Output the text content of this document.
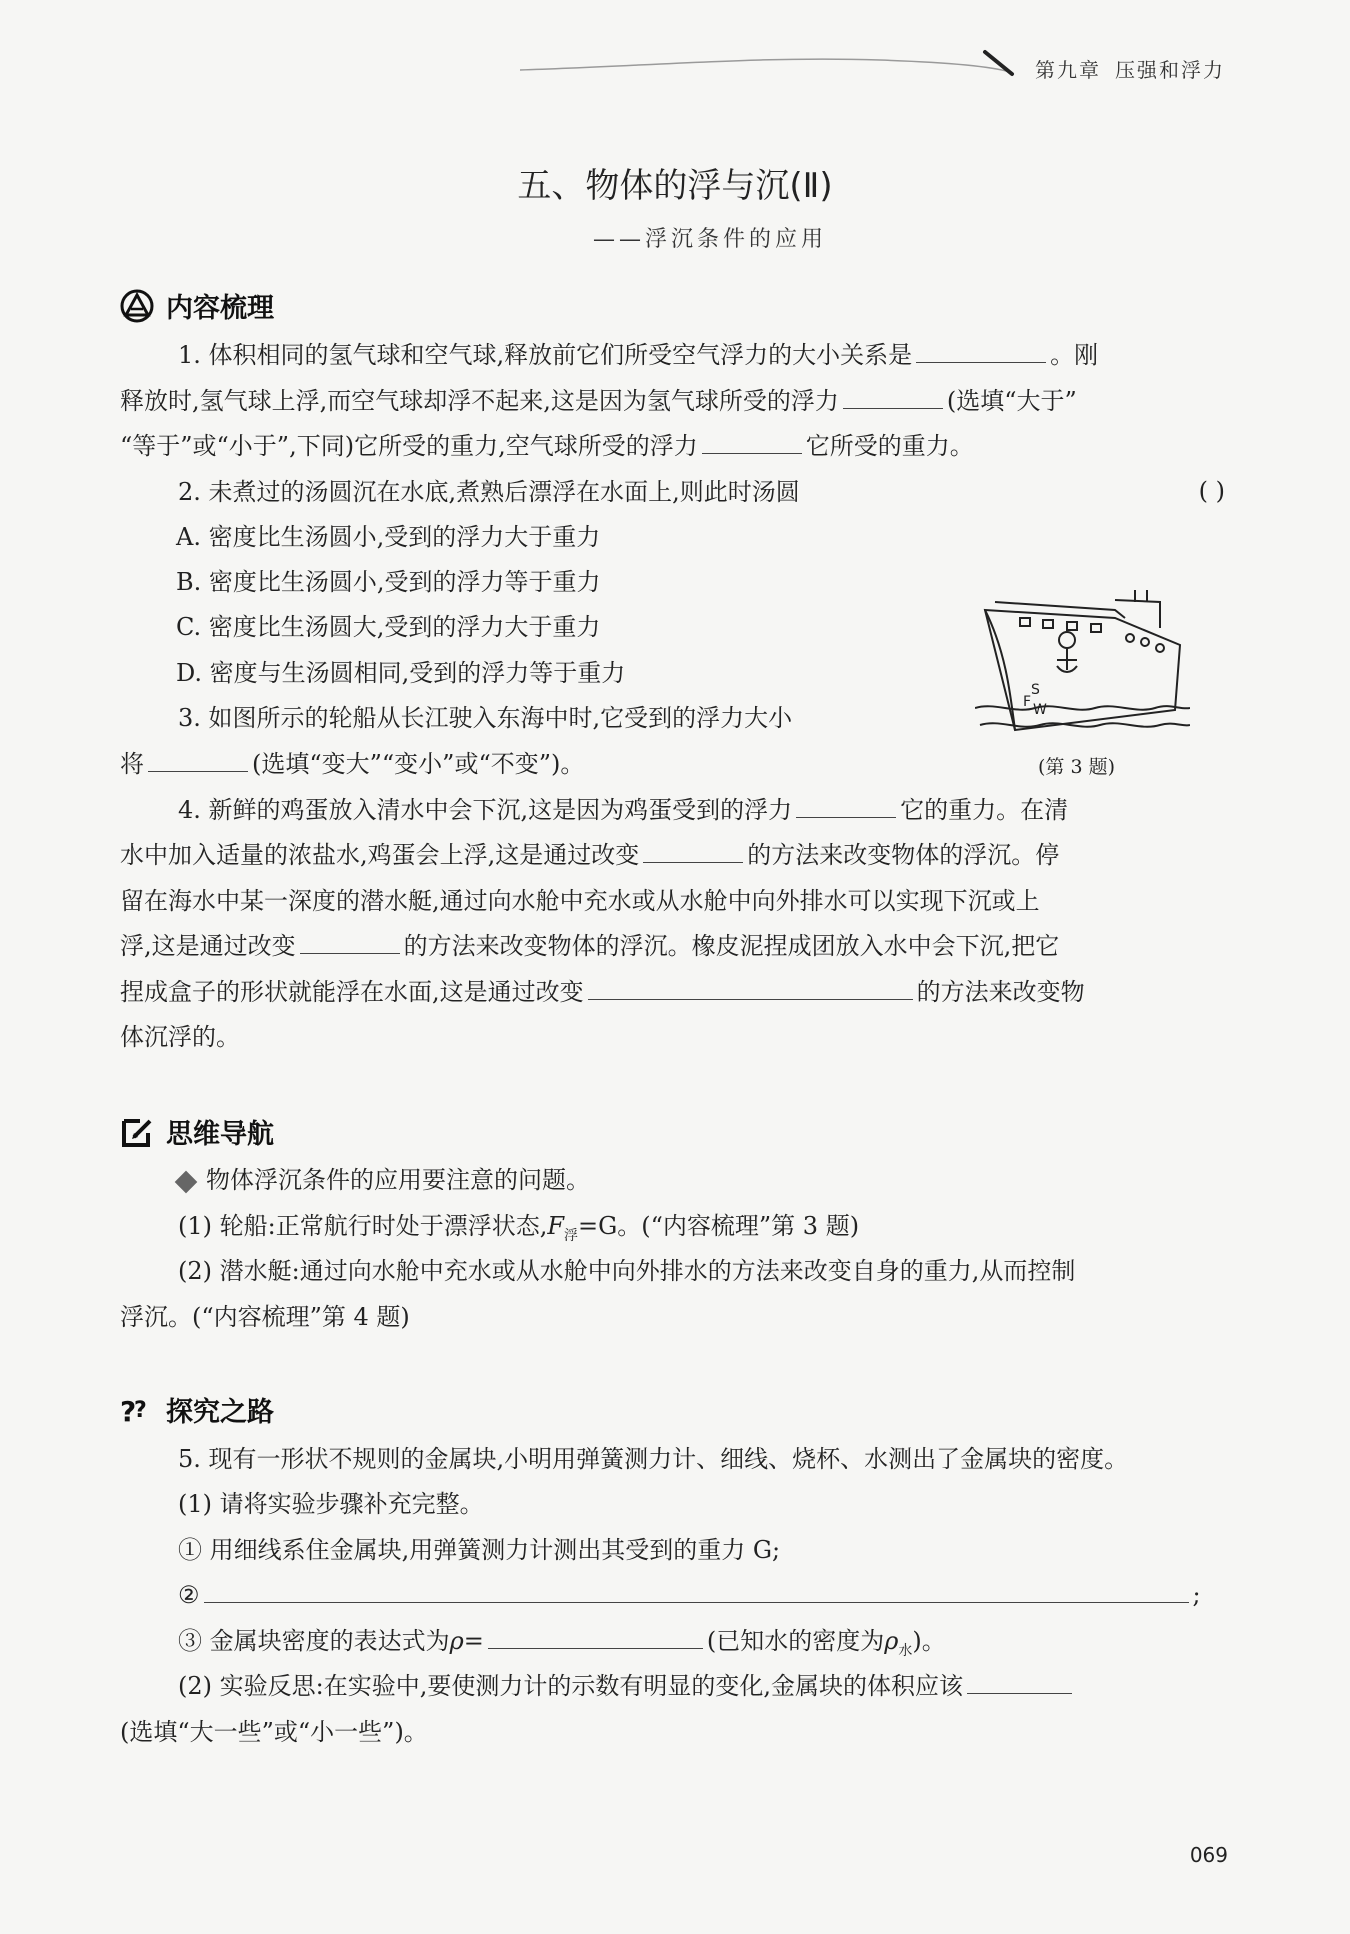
第九章 压强和浮力
五、物体的浮与沉(Ⅱ)
——浮沉条件的应用
内容梳理
1. 体积相同的氢气球和空气球,释放前它们所受空气浮力的大小关系是	。刚
释放时,氢气球上浮,而空气球却浮不起来,这是因为氢气球所受的浮力	(选填“大于”
“等于”或“小于”,下同)它所受的重力,空气球所受的浮力	它所受的重力。
2. 未煮过的汤圆沉在水底,煮熟后漂浮在水面上,则此时汤圆	( )
A. 密度比生汤圆小,受到的浮力大于重力
B. 密度比生汤圆小,受到的浮力等于重力
C. 密度比生汤圆大,受到的浮力大于重力
D. 密度与生汤圆相同,受到的浮力等于重力
S
F W
(第 3 题)
3. 如图所示的轮船从长江驶入东海中时,它受到的浮力大小
将	(选填“变大”“变小”或“不变”)。
4. 新鲜的鸡蛋放入清水中会下沉,这是因为鸡蛋受到的浮力	它的重力。在清
水中加入适量的浓盐水,鸡蛋会上浮,这是通过改变	的方法来改变物体的浮沉。停
留在海水中某一深度的潜水艇,通过向水舱中充水或从水舱中向外排水可以实现下沉或上
浮,这是通过改变	的方法来改变物体的浮沉。橡皮泥捏成团放入水中会下沉,把它
捏成盒子的形状就能浮在水面,这是通过改变	的方法来改变物
体沉浮的。
思维导航
物体浮沉条件的应用要注意的问题。
(1) 轮船:正常航行时处于漂浮状态$,F_浮=G$。(“内容梳理”第 3 题)
(2) 潜水艇:通过向水舱中充水或从水舱中向外排水的方法来改变自身的重力,从而控制
浮沉。(“内容梳理”第 4 题)
?
? 探究之路
5. 现有一形状不规则的金属块,小明用弹簧测力计、细线、烧杯、水测出了金属块的密度。
(1) 请将实验步骤补充完整。
① 用细线系住金属块,用弹簧测力计测出其受到的重力 G;
②	;
③ 金属块密度的表达式为ρ=	(已知水的密度为$\rho_水$)。
(2) 实验反思:在实验中,要使测力计的示数有明显的变化,金属块的体积应该
(选填“大一些”或“小一些”)。
069
